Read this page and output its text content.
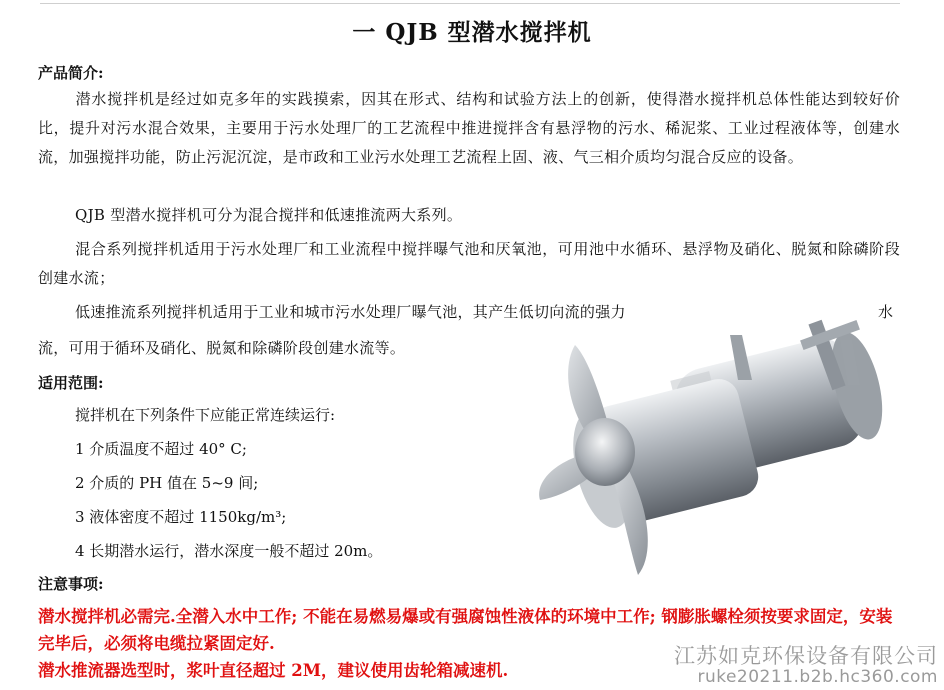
一 QJB 型潜水搅拌机
产品简介:
潜水搅拌机是经过如克多年的实践摸索，因其在形式、结构和试验方法上的创新，使得潜水搅拌机总体性能达到较好价比，提升对污水混合效果，主要用于污水处理厂的工艺流程中推进搅拌含有悬浮物的污水、稀泥浆、工业过程液体等，创建水流，加强搅拌功能，防止污泥沉淀，是市政和工业污水处理工艺流程上固、液、气三相介质均匀混合反应的设备。
QJB 型潜水搅拌机可分为混合搅拌和低速推流两大系列。
混合系列搅拌机适用于污水处理厂和工业流程中搅拌曝气池和厌氧池，可用池中水循环、悬浮物及硝化、脱氮和除磷阶段创建水流；
低速推流系列搅拌机适用于工业和城市污水处理厂曝气池，其产生低切向流的强力	水
流，可用于循环及硝化、脱氮和除磷阶段创建水流等。
适用范围:
搅拌机在下列条件下应能正常连续运行:
1 介质温度不超过 40° C;
2 介质的 PH 值在 5~9 间;
3 液体密度不超过 1150kg/m³;
4 长期潜水运行，潜水深度一般不超过 20m。
注意事项:
潜水搅拌机必需完.全潜入水中工作; 不能在易燃易爆或有强腐蚀性液体的环境中工作; 钢膨胀螺栓须按要求固定，安装完毕后，必须将电缆拉紧固定好.
潜水推流器选型时，浆叶直径超过 2M，建议使用齿轮箱减速机.
江苏如克环保设备有限公司
ruke20211.b2b.hc360.com
